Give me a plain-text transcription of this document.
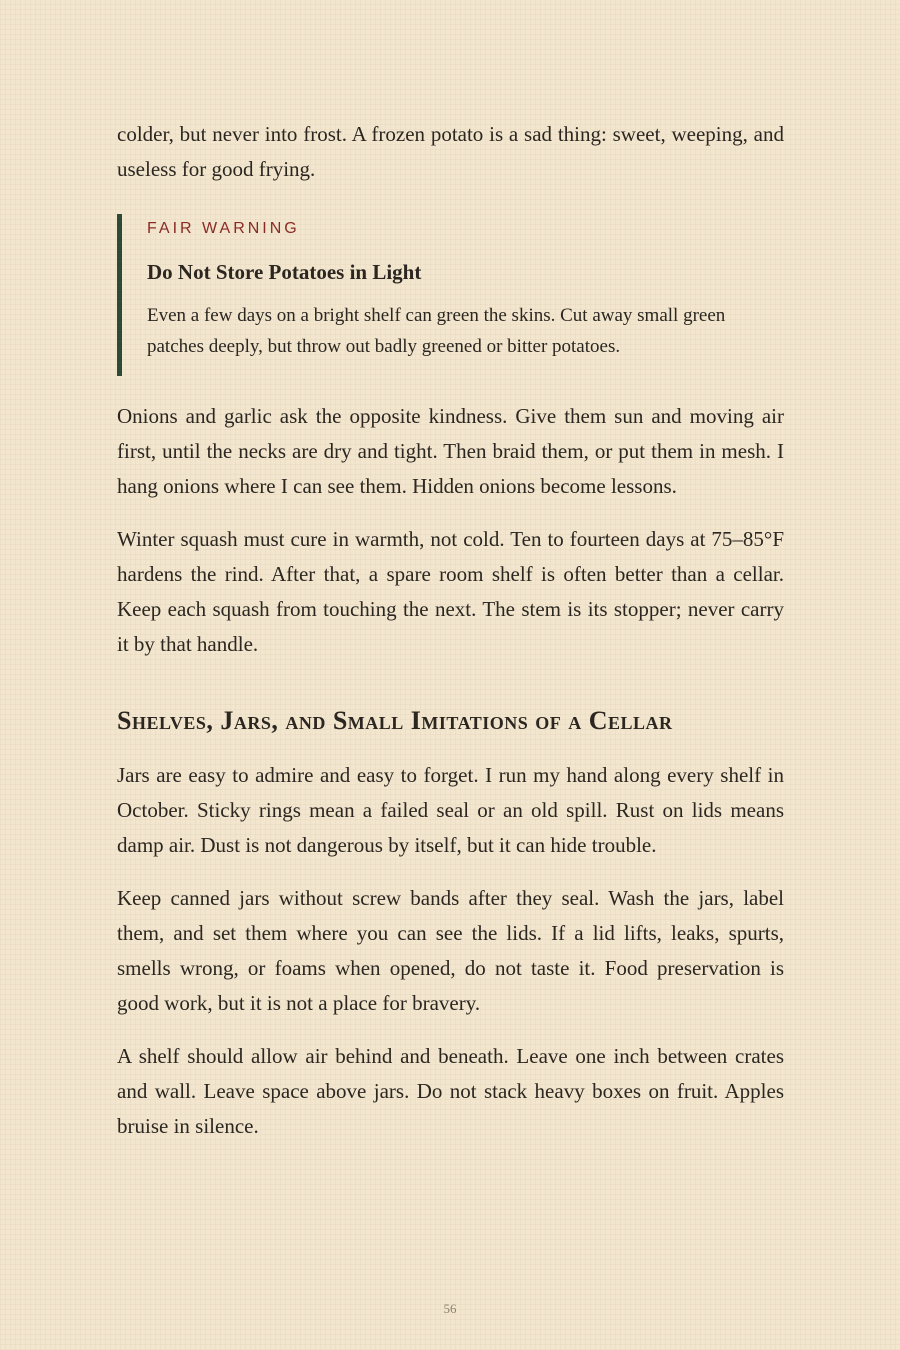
colder, but never into frost. A frozen potato is a sad thing: sweet, weeping, and useless for good frying.

FAIR WARNING

Do Not Store Potatoes in Light

Even a few days on a bright shelf can green the skins. Cut away small green patches deeply, but throw out badly greened or bitter potatoes.

Onions and garlic ask the opposite kindness. Give them sun and moving air first, until the necks are dry and tight. Then braid them, or put them in mesh. I hang onions where I can see them. Hidden onions become lessons.

Winter squash must cure in warmth, not cold. Ten to fourteen days at 75–85°F hardens the rind. After that, a spare room shelf is often better than a cellar. Keep each squash from touching the next. The stem is its stopper; never carry it by that handle.

Shelves, Jars, and Small Imitations of a Cellar

Jars are easy to admire and easy to forget. I run my hand along every shelf in October. Sticky rings mean a failed seal or an old spill. Rust on lids means damp air. Dust is not dangerous by itself, but it can hide trouble.

Keep canned jars without screw bands after they seal. Wash the jars, label them, and set them where you can see the lids. If a lid lifts, leaks, spurts, smells wrong, or foams when opened, do not taste it. Food preservation is good work, but it is not a place for bravery.

A shelf should allow air behind and beneath. Leave one inch between crates and wall. Leave space above jars. Do not stack heavy boxes on fruit. Apples bruise in silence.

56
